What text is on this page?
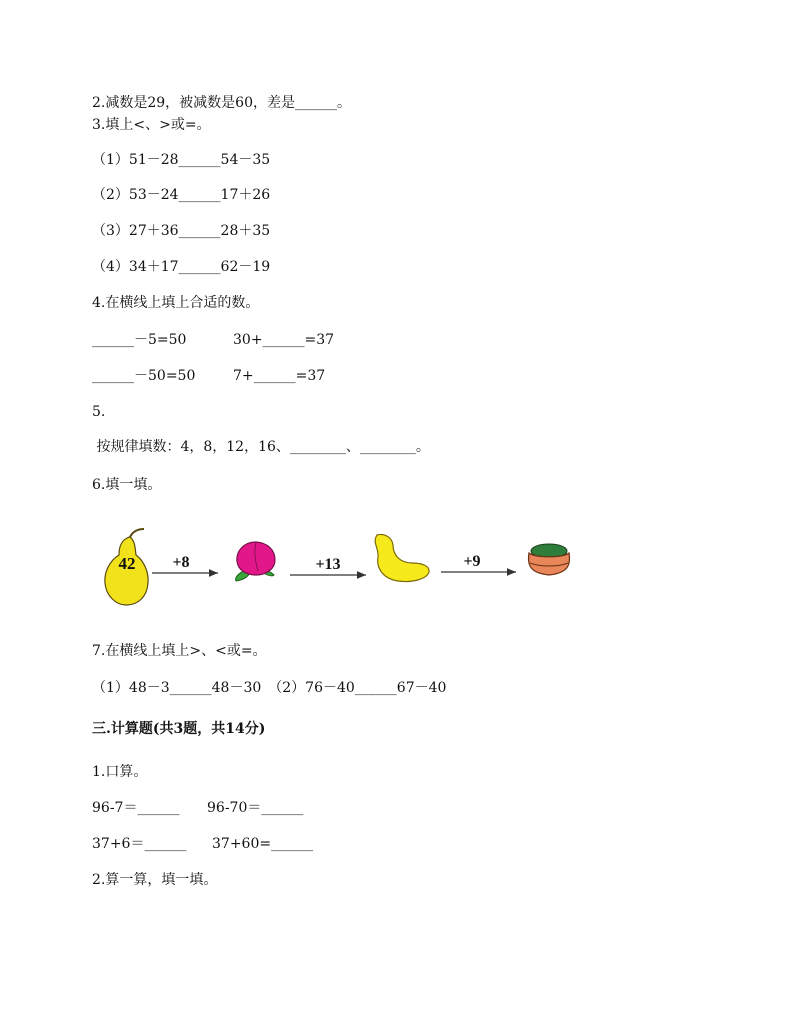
2.减数是29，被减数是60，差是______。
3.填上<、>或=。
（1）51－28______54－35
（2）53－24______17＋26
（3）27＋36______28＋35
（4）34＋17______62－19
4.在横线上填上合适的数。
______－5=50	30+______=37
______－50=50	7+______=37
5.
按规律填数：4，8，12，16、________、________。
6.填一填。
42 +8	+13	+9
7.在横线上填上>、<或=。
（1）48－3______48－30　（2）76－40______67－40
三.计算题(共3题，共14分)
1.口算。
96-7＝______ 96-70＝______
37+6＝______ 37+60=______
2.算一算，填一填。
